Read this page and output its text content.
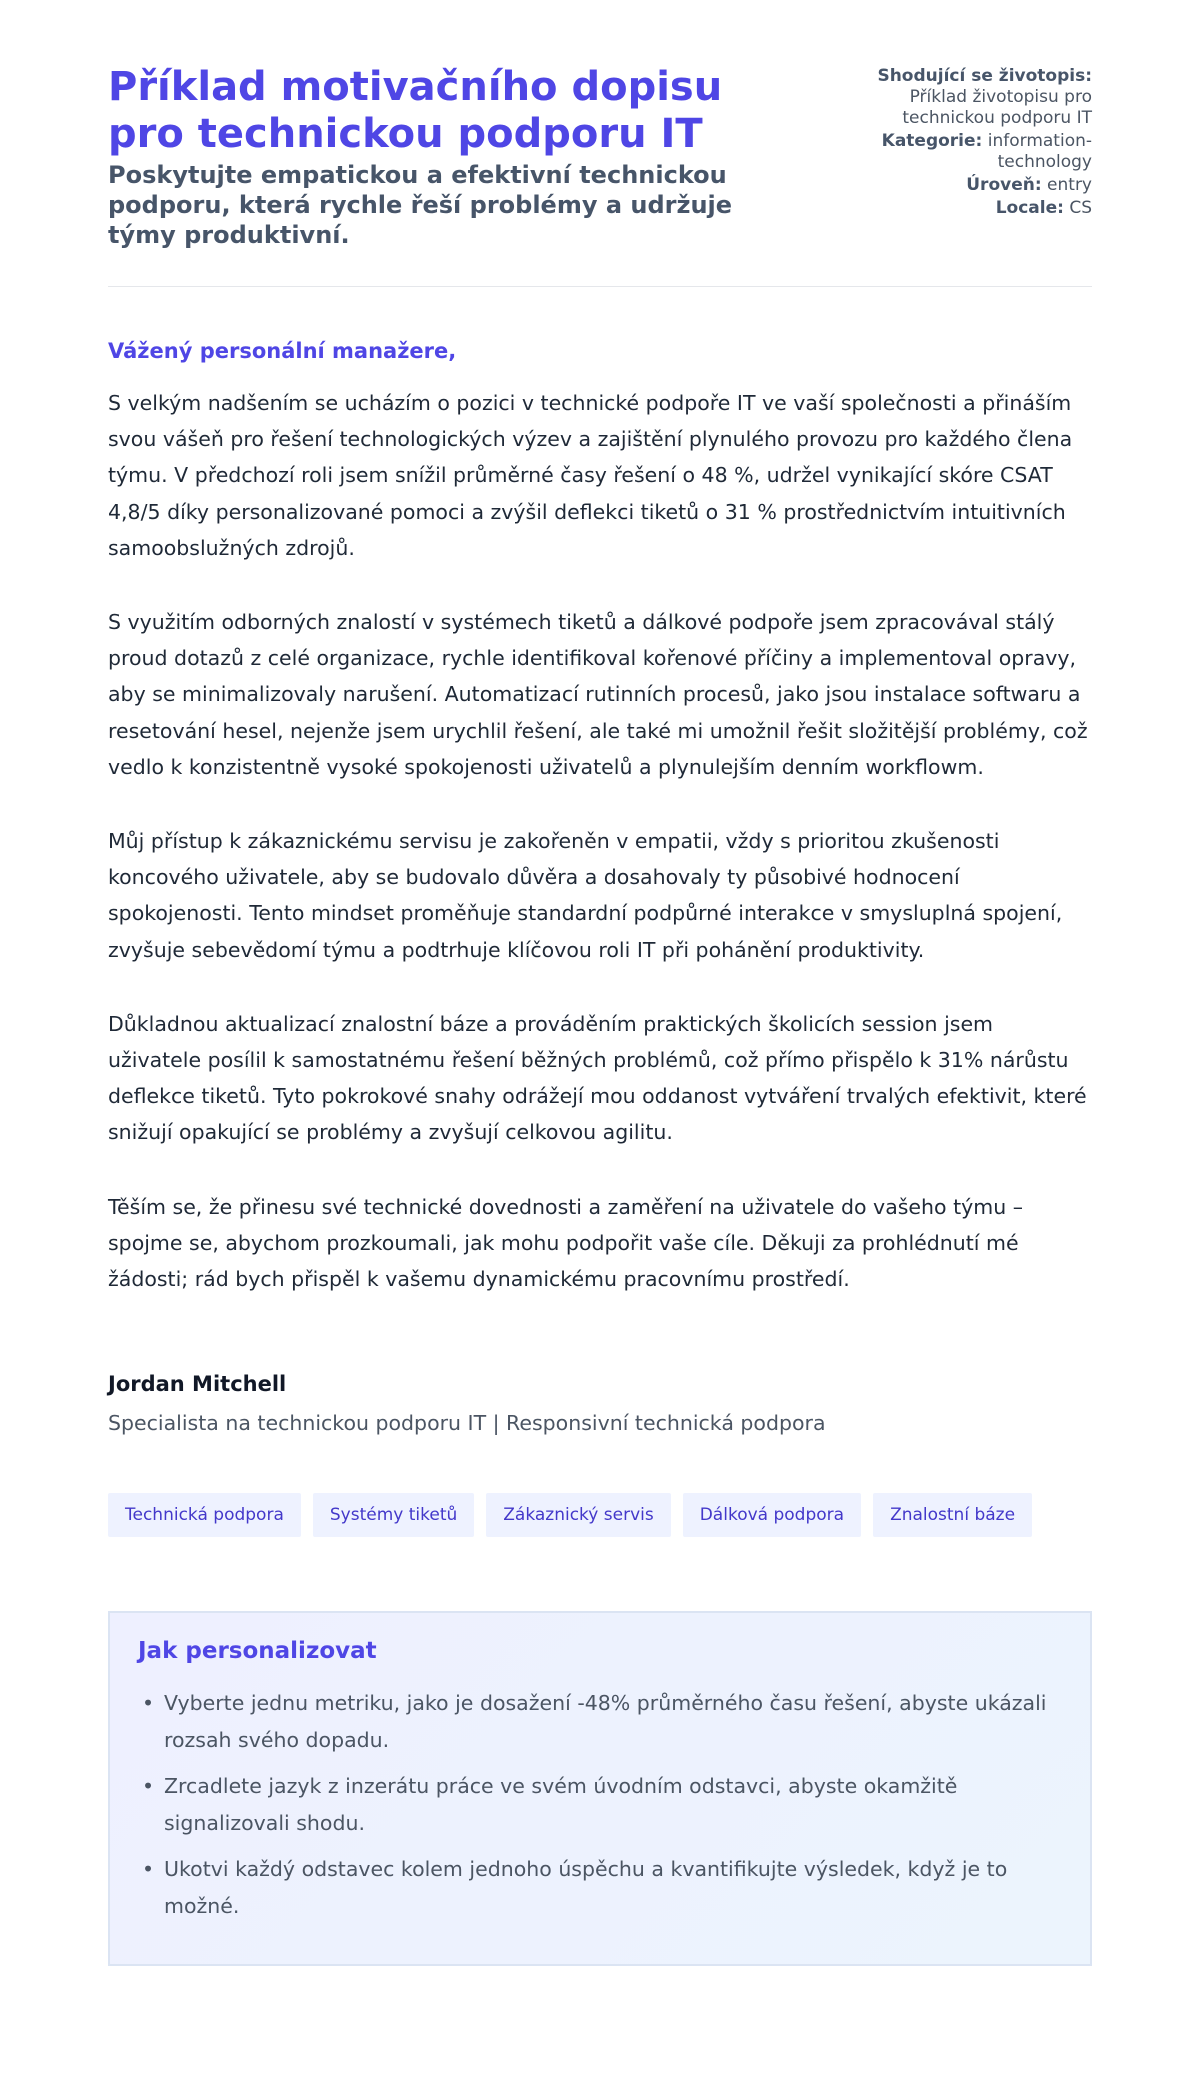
Příklad motivačního dopisu pro technickou podporu IT
Poskytujte empatickou a efektivní technickou podporu, která rychle řeší problémy a udržuje týmy produktivní.
Shodující se životopis: Příklad životopisu pro technickou podporu IT
Kategorie: information-technology
Úroveň: entry
Locale: CS

Vážený personální manažere,

S velkým nadšením se ucházím o pozici v technické podpoře IT ve vaší společnosti a přináším svou vášeň pro řešení technologických výzev a zajištění plynulého provozu pro každého člena týmu. V předchozí roli jsem snížil průměrné časy řešení o 48 %, udržel vynikající skóre CSAT 4,8/5 díky personalizované pomoci a zvýšil deflekci tiketů o 31 % prostřednictvím intuitivních samoobslužných zdrojů.

S využitím odborných znalostí v systémech tiketů a dálkové podpoře jsem zpracovával stálý proud dotazů z celé organizace, rychle identifikoval kořenové příčiny a implementoval opravy, aby se minimalizovaly narušení. Automatizací rutinních procesů, jako jsou instalace softwaru a resetování hesel, nejenže jsem urychlil řešení, ale také mi umožnil řešit složitější problémy, což vedlo k konzistentně vysoké spokojenosti uživatelů a plynulejším denním workflowm.

Můj přístup k zákaznickému servisu je zakořeněn v empatii, vždy s prioritou zkušenosti koncového uživatele, aby se budovalo důvěra a dosahovaly ty působivé hodnocení spokojenosti. Tento mindset proměňuje standardní podpůrné interakce v smysluplná spojení, zvyšuje sebevědomí týmu a podtrhuje klíčovou roli IT při pohánění produktivity.

Důkladnou aktualizací znalostní báze a prováděním praktických školicích session jsem uživatele posílil k samostatnému řešení běžných problémů, což přímo přispělo k 31% nárůstu deflekce tiketů. Tyto pokrokové snahy odrážejí mou oddanost vytváření trvalých efektivit, které snižují opakující se problémy a zvyšují celkovou agilitu.

Těším se, že přinesu své technické dovednosti a zaměření na uživatele do vašeho týmu – spojme se, abychom prozkoumali, jak mohu podpořit vaše cíle. Děkuji za prohlédnutí mé žádosti; rád bych přispěl k vašemu dynamickému pracovnímu prostředí.

Jordan Mitchell
Specialista na technickou podporu IT | Responsivní technická podpora
Technická podpora	Systémy tiketů	Zákaznický servis	Dálková podpora	Znalostní báze
Jak personalizovat
• Vyberte jednu metriku, jako je dosažení -48% průměrného času řešení, abyste ukázali rozsah svého dopadu.
• Zrcadlete jazyk z inzerátu práce ve svém úvodním odstavci, abyste okamžitě signalizovali shodu.
• Ukotvi každý odstavec kolem jednoho úspěchu a kvantifikujte výsledek, když je to možné.
